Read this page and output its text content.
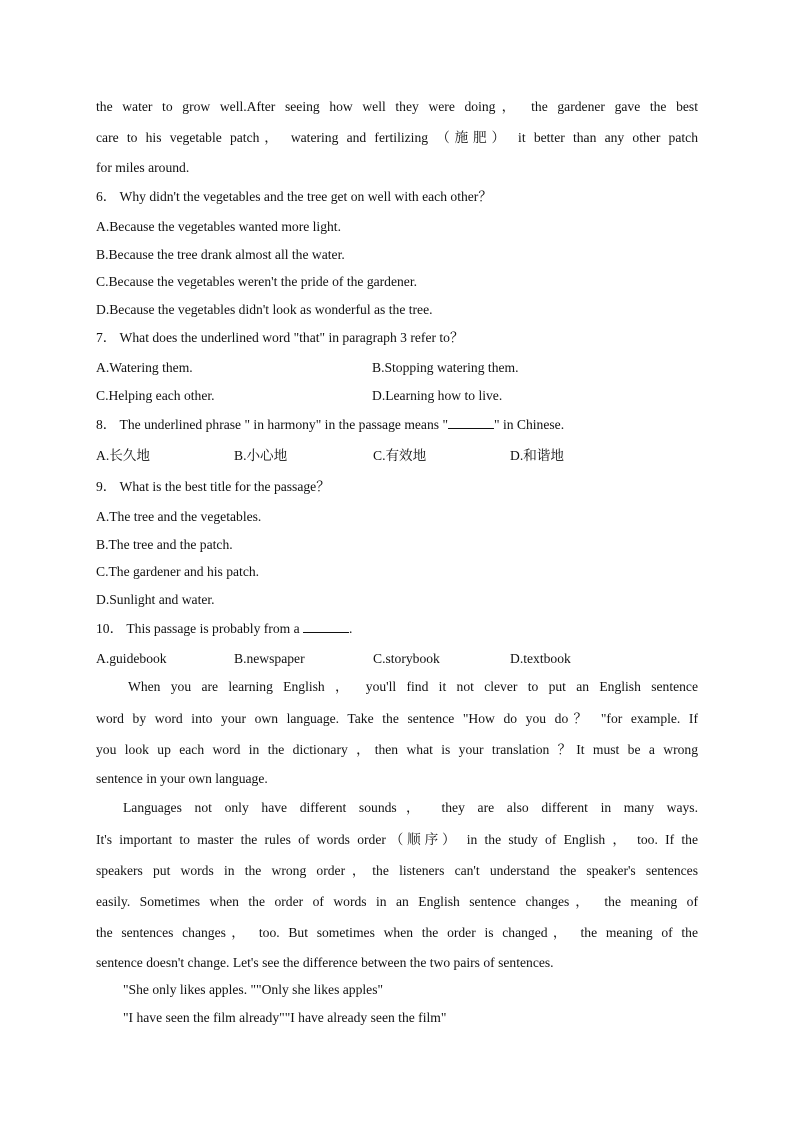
the water to grow well.After seeing how well they were doing， the gardener gave the best
care to his vegetable patch， watering and fertilizing （施肥） it better than any other patch
for miles around.
6． Why didn't the vegetables and the tree get on well with each other？
A.Because the vegetables wanted more light.
B.Because the tree drank almost all the water.
C.Because the vegetables weren't the pride of the gardener.
D.Because the vegetables didn't look as wonderful as the tree.
7． What does the underlined word "that" in paragraph 3 refer to？
A.Watering them.	B.Stopping watering them.
C.Helping each other.	D.Learning how to live.
8． The underlined phrase " in harmony" in the passage means "	" in Chinese.
A.长久地	B.小心地	C.有效地	D.和谐地
9． What is the best title for the passage？
A.The tree and the vegetables.
B.The tree and the patch.
C.The gardener and his patch.
D.Sunlight and water.
10． This passage is probably from a	.
A.guidebook	B.newspaper	C.storybook	D.textbook
When you are learning English ， you'll find it not clever to put an English sentence
word by word into your own language. Take the sentence "How do you do？ "for example. If
you look up each word in the dictionary ，then what is your translation ？It must be a wrong
sentence in your own language.
Languages not only have different sounds， they are also different in many ways.
It's important to master the rules of words order（顺序） in the study of English ， too. If the
speakers put words in the wrong order，the listeners can't understand the speaker's sentences
easily. Sometimes when the order of words in an English sentence changes， the meaning of
the sentences changes， too. But sometimes when the order is changed， the meaning of the
sentence doesn't change. Let's see the difference between the two pairs of sentences.
"She only likes apples. ""Only she likes apples"
"I have seen the film already""I have already seen the film"
